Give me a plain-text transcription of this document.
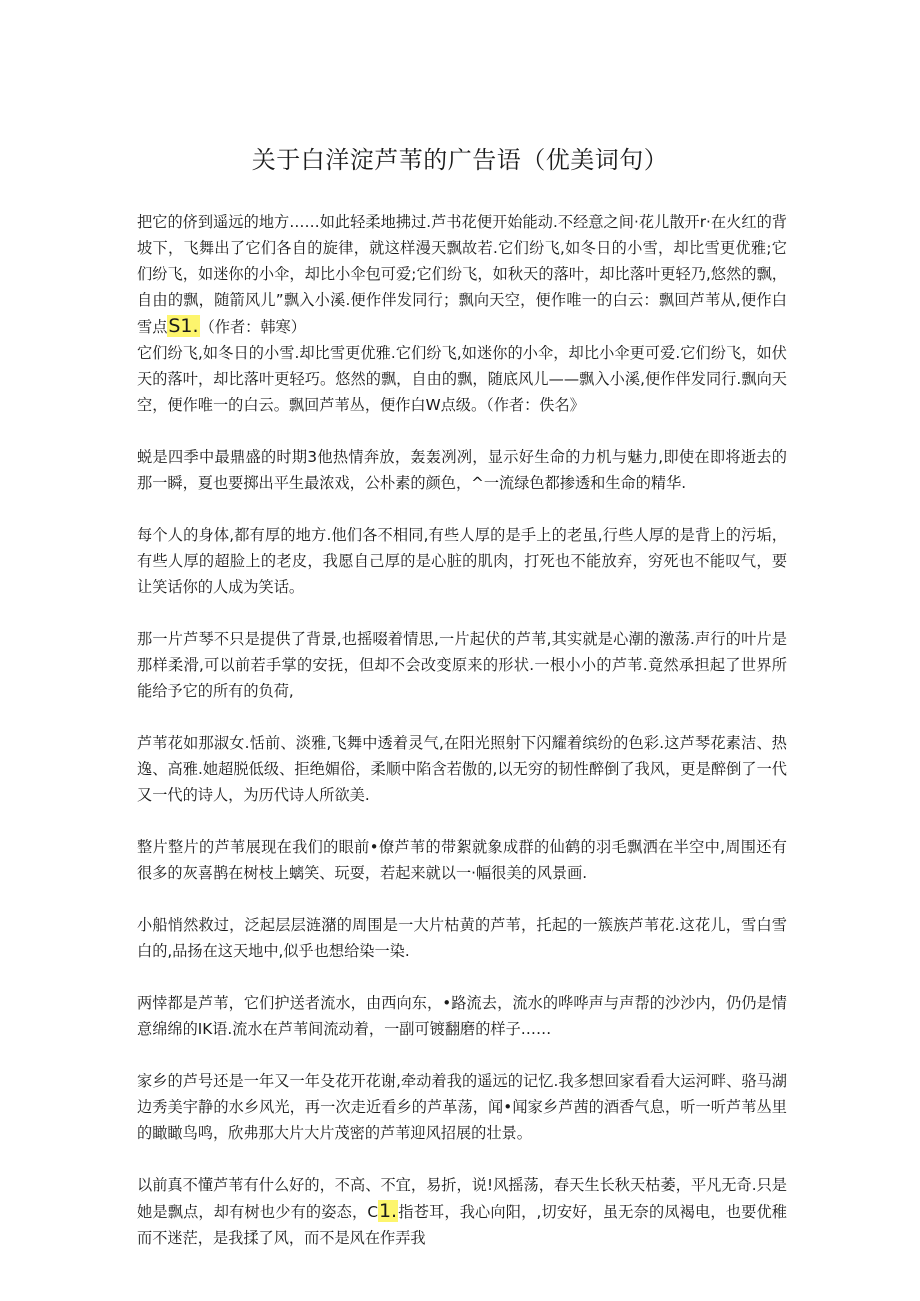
关于白洋淀芦苇的广告语（优美词句）

把它的侪到遥远的地方……如此轻柔地拂过.芦书花便开始能动.不经意之间·花儿散开r·在火红的背坡下，飞舞出了它们各自的旋律，就这样漫天飘故若.它们纷飞,如冬日的小雪，却比雪更优雅;它们纷飞，如迷你的小伞，却比小伞包可爱;它们纷飞，如秋天的落叶，却比落叶更轻乃,悠然的飘，自由的飘，随箭风儿”飘入小溪.便作伴发同行；飘向天空，便作唯一的白云：飘回芦苇从,便作白雪点S1.（作者：韩寒）

它们纷飞,如冬日的小雪.却比雪更优雅.它们纷飞,如迷你的小伞，却比小伞更可爱.它们纷飞，如伏天的落叶，却比落叶更轻巧。悠然的飘，自由的飘，随底风儿——飘入小溪,便作伴发同行.飘向天空，便作唯一的白云。飘回芦苇丛，便作白W点级。（作者：佚名》

蜕是四季中最鼎盛的时期3他热情奔放，轰轰冽冽，显示好生命的力机与魅力,即使在即将逝去的那一瞬，夏也要掷出平生最浓戏，公朴素的颜色，^一流绿色都掺透和生命的精华.

每个人的身体,都有厚的地方.他们各不相同,有些人厚的是手上的老虽,行些人厚的是背上的污垢，有些人厚的超脸上的老皮，我愿自己厚的是心脏的肌肉，打死也不能放弃，穷死也不能叹气，要让笑话你的人成为笑话。

那一片芦琴不只是提供了背景,也摇啜着情思,一片起伏的芦苇,其实就是心潮的激荡.声行的叶片是那样柔滑,可以前若手掌的安抚，但却不会改变原来的形状.一根小小的芦苇.竟然承担起了世界所能给予它的所有的负荷,

芦苇花如那淑女.恬前、淡雅,飞舞中透着灵气,在阳光照射下闪耀着缤纷的色彩.这芦琴花素洁、热逸、高雅.她超脱低级、拒绝媚俗，柔顺中陷含若傲的,以无穷的韧性醉倒了我风，更是醉倒了一代又一代的诗人，为历代诗人所欲美.

整片整片的芦苇展现在我们的眼前•僚芦苇的带絮就象成群的仙鹤的羽毛飘洒在半空中,周围还有很多的灰喜鹊在树枝上螭笑、玩耍，若起来就以一·幅很美的风景画.

小船悄然救过，泛起层层涟潴的周围是一大片枯黄的芦苇，托起的一簇族芦苇花.这花儿，雪白雪白的,品扬在这天地中,似乎也想给染一染.

两悻都是芦苇，它们护送者流水，由西向东，•路流去，流水的哗哗声与声帮的沙沙内，仍仍是情意绵绵的IK语.流水在芦苇间流动着，一副可镀翻磨的样子……

家乡的芦号还是一年又一年殳花开花谢,牵动着我的遥远的记忆.我多想回家看看大运河畔、骆马湖边秀美宇静的水乡风光，再一次走近看乡的芦革荡，闻•闻家乡芦茜的酒香气息，听一听芦苇丛里的瞰瞰鸟鸣，欣弗那大片大片茂密的芦苇迎风招展的壮景。

以前真不懂芦苇有什么好的，不高、不宜，易折，说!风摇荡，春天生长秋天枯萎，平凡无奇.只是她是飘点，却有树也少有的姿态，C1.指苍耳，我心向阳，,切安好，虽无奈的凤褐电，也要优稚而不迷茫，是我揉了风，而不是风在作弄我
